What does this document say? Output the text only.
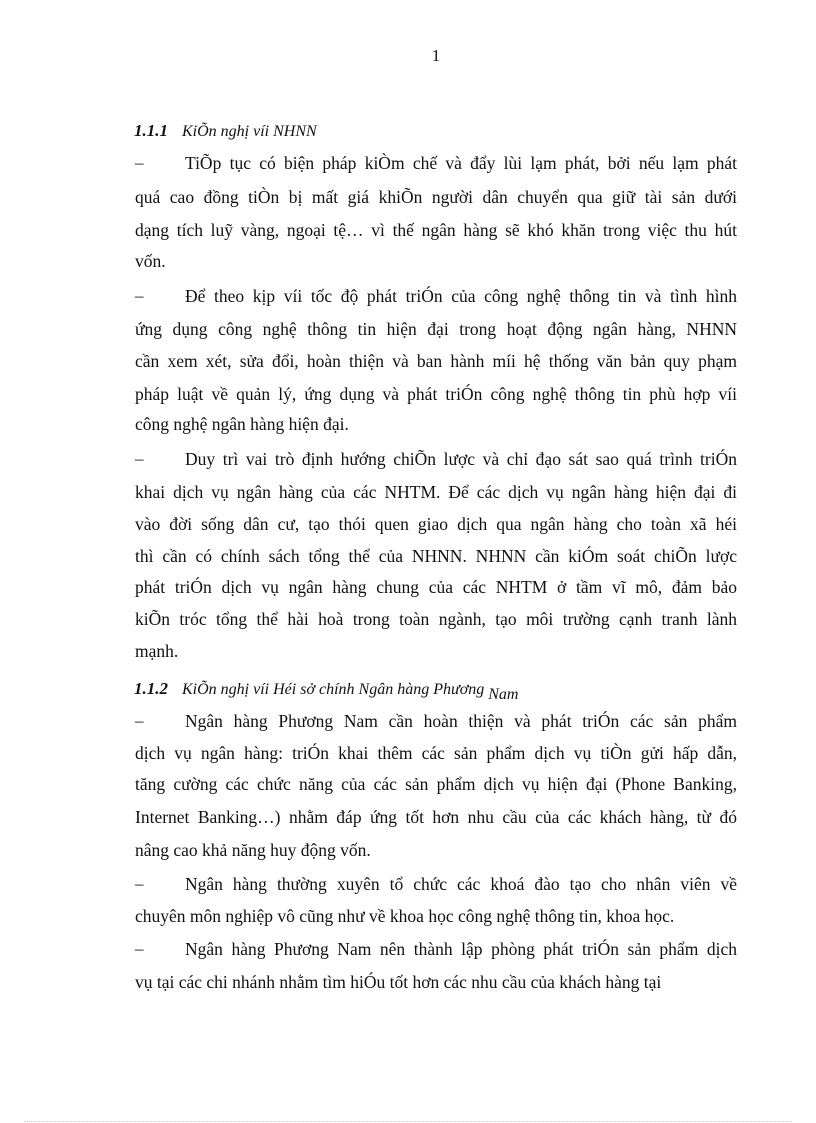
1
1.1.1 KiÕn nghị víi NHNN
– TiÕp tục có biện pháp kiÒm chế và đẩy lùi lạm phát, bởi nếu lạm phát
quá cao đồng tiÒn bị mất giá khiÕn người dân chuyển qua giữ tài sản dưới
dạng tích luỹ vàng, ngoại tệ… vì thế ngân hàng sẽ khó khăn trong việc thu hút
vốn.
– Để theo kịp víi tốc độ phát triÓn của công nghệ thông tin và tình hình
ứng dụng công nghệ thông tin hiện đại trong hoạt động ngân hàng, NHNN
cần xem xét, sửa đổi, hoàn thiện và ban hành míi hệ thống văn bản quy phạm
pháp luật về quản lý, ứng dụng và phát triÓn công nghệ thông tin phù hợp víi
công nghệ ngân hàng hiện đại.
– Duy trì vai trò định hướng chiÕn lược và chỉ đạo sát sao quá trình triÓn
khai dịch vụ ngân hàng của các NHTM. Để các dịch vụ ngân hàng hiện đại đi
vào đời sống dân cư, tạo thói quen giao dịch qua ngân hàng cho toàn xã héi
thì cần có chính sách tổng thể của NHNN. NHNN cần kiÓm soát chiÕn lược
phát triÓn dịch vụ ngân hàng chung của các NHTM ở tầm vĩ mô, đảm bảo
kiÕn tróc tổng thể hài hoà trong toàn ngành, tạo môi trường cạnh tranh lành
mạnh.
1.1.2 KiÕn nghị víi Héi sở chính Ngân hàng Phương Nam
– Ngân hàng Phương Nam cần hoàn thiện và phát triÓn các sản phẩm
dịch vụ ngân hàng: triÓn khai thêm các sản phẩm dịch vụ tiÒn gửi hấp dẫn,
tăng cường các chức năng của các sản phẩm dịch vụ hiện đại (Phone Banking,
Internet Banking…) nhằm đáp ứng tốt hơn nhu cầu của các khách hàng, từ đó
nâng cao khả năng huy động vốn.
– Ngân hàng thường xuyên tổ chức các khoá đào tạo cho nhân viên về
chuyên môn nghiệp vô cũng như về khoa học công nghệ thông tin, khoa học.
– Ngân hàng Phương Nam nên thành lập phòng phát triÓn sản phẩm dịch
vụ tại các chi nhánh nhằm tìm hiÓu tốt hơn các nhu cầu của khách hàng tại
